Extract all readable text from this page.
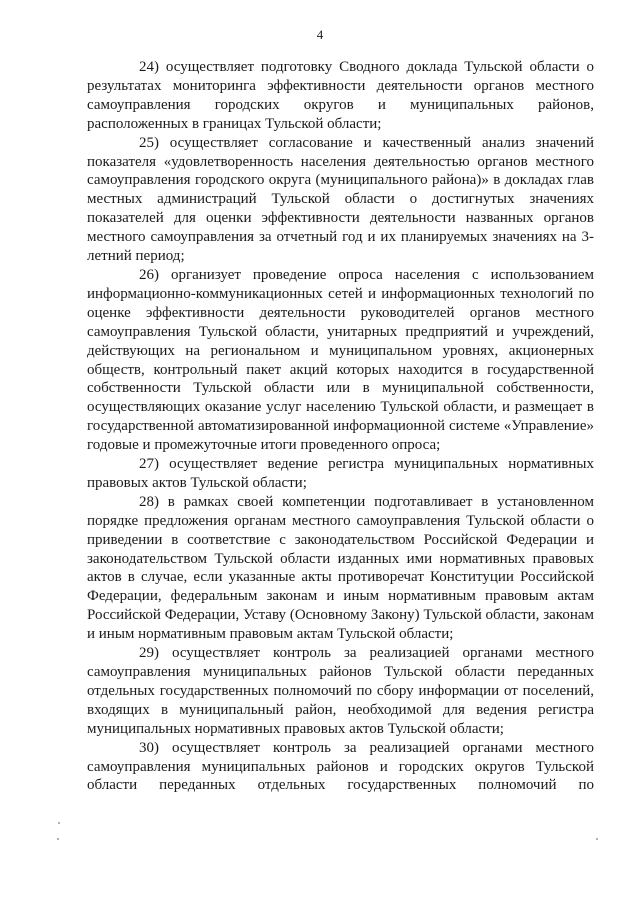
4

24) осуществляет подготовку Сводного доклада Тульской области о результатах мониторинга эффективности деятельности органов местного самоуправления городских округов и муниципальных районов, расположенных в границах Тульской области;

25) осуществляет согласование и качественный анализ значений показателя «удовлетворенность населения деятельностью органов местного самоуправления городского округа (муниципального района)» в докладах глав местных администраций Тульской области о достигнутых значениях показателей для оценки эффективности деятельности названных органов местного самоуправления за отчетный год и их планируемых значениях на 3-летний период;

26) организует проведение опроса населения с использованием информационно-коммуникационных сетей и информационных технологий по оценке эффективности деятельности руководителей органов местного самоуправления Тульской области, унитарных предприятий и учреждений, действующих на региональном и муниципальном уровнях, акционерных обществ, контрольный пакет акций которых находится в государственной собственности Тульской области или в муниципальной собственности, осуществляющих оказание услуг населению Тульской области, и размещает в государственной автоматизированной информационной системе «Управление» годовые и промежуточные итоги проведенного опроса;

27) осуществляет ведение регистра муниципальных нормативных правовых актов Тульской области;

28) в рамках своей компетенции подготавливает в установленном порядке предложения органам местного самоуправления Тульской области о приведении в соответствие с законодательством Российской Федерации и законодательством Тульской области изданных ими нормативных правовых актов в случае, если указанные акты противоречат Конституции Российской Федерации, федеральным законам и иным нормативным правовым актам Российской Федерации, Уставу (Основному Закону) Тульской области, законам и иным нормативным правовым актам Тульской области;

29) осуществляет контроль за реализацией органами местного самоуправления муниципальных районов Тульской области переданных отдельных государственных полномочий по сбору информации от поселений, входящих в муниципальный район, необходимой для ведения регистра муниципальных нормативных правовых актов Тульской области;

30) осуществляет контроль за реализацией органами местного самоуправления муниципальных районов и городских округов Тульской области переданных отдельных государственных полномочий по
